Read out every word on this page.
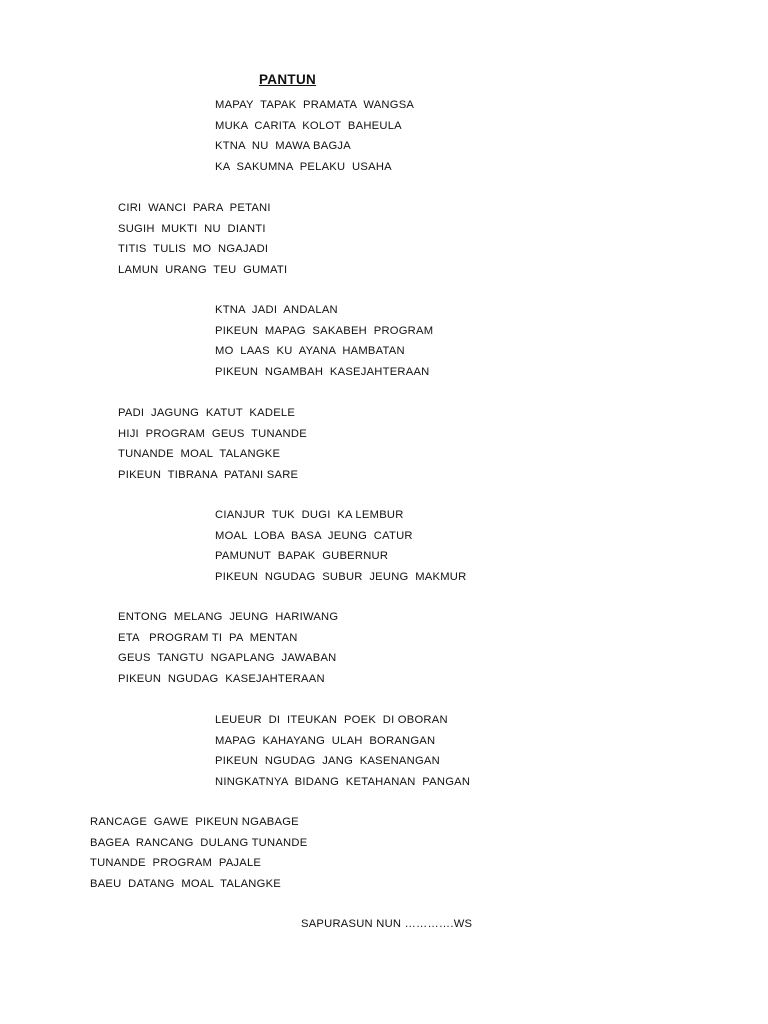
PANTUN
MAPAY  TAPAK  PRAMATA  WANGSA
MUKA  CARITA  KOLOT  BAHEULA
KTNA  NU  MAWA BAGJA
KA  SAKUMNA  PELAKU  USAHA
CIRI  WANCI  PARA  PETANI
SUGIH  MUKTI  NU  DIANTI
TITIS  TULIS  MO  NGAJADI
LAMUN  URANG  TEU  GUMATI
KTNA  JADI  ANDALAN
PIKEUN  MAPAG  SAKABEH  PROGRAM
MO  LAAS  KU  AYANA  HAMBATAN
PIKEUN  NGAMBAH  KASEJAHTERAAN
PADI  JAGUNG  KATUT  KADELE
HIJI  PROGRAM  GEUS  TUNANDE
TUNANDE  MOAL  TALANGKE
PIKEUN  TIBRANA  PATANI SARE
CIANJUR  TUK  DUGI  KA LEMBUR
MOAL  LOBA  BASA  JEUNG  CATUR
PAMUNUT  BAPAK  GUBERNUR
PIKEUN  NGUDAG  SUBUR  JEUNG  MAKMUR
ENTONG  MELANG  JEUNG  HARIWANG
ETA   PROGRAM TI  PA  MENTAN
GEUS  TANGTU  NGAPLANG  JAWABAN
PIKEUN  NGUDAG  KASEJAHTERAAN
LEUEUR  DI  ITEUKAN  POEK  DI OBORAN
MAPAG  KAHAYANG  ULAH  BORANGAN
PIKEUN  NGUDAG  JANG  KASENANGAN
NINGKATNYA  BIDANG  KETAHANAN  PANGAN
RANCAGE  GAWE  PIKEUN NGABAGE
BAGEA  RANCANG  DULANG TUNANDE
TUNANDE  PROGRAM  PAJALE
BAEU  DATANG  MOAL  TALANGKE
SAPURASUN NUN ………….WS
